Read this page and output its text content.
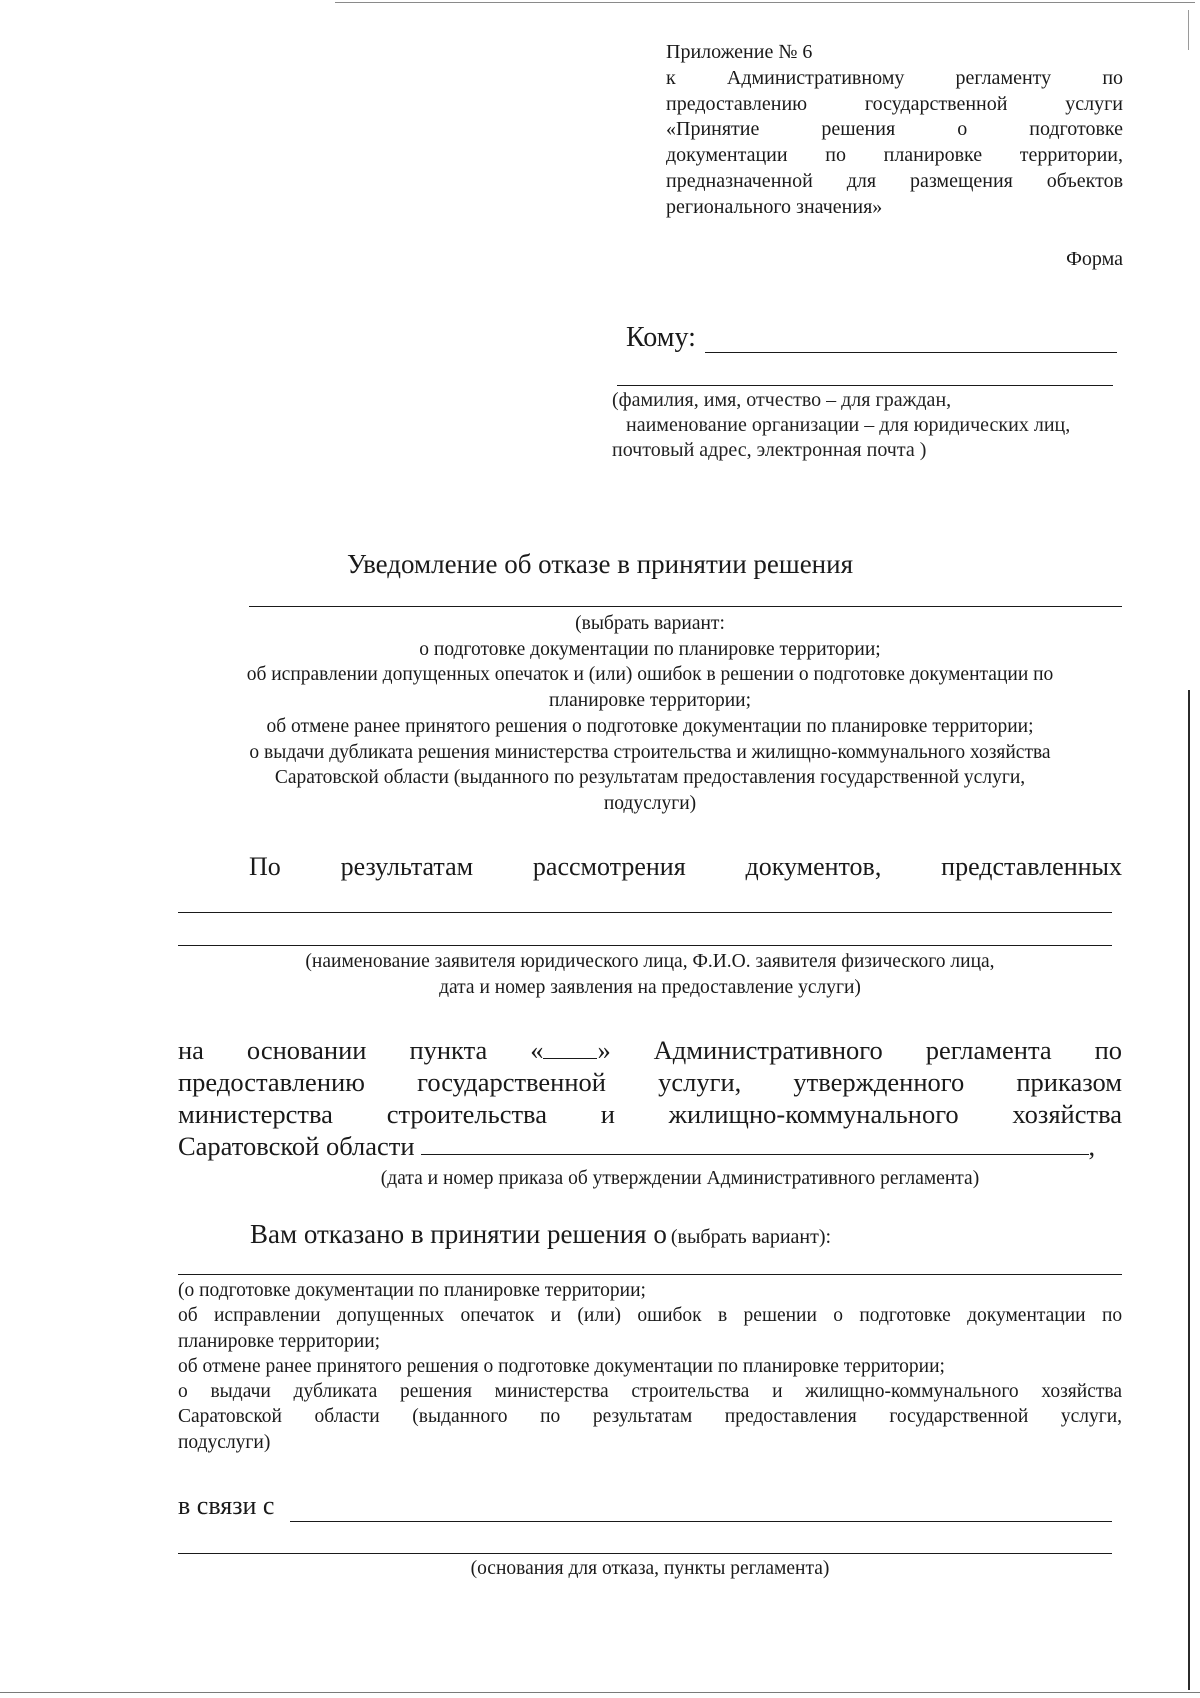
Приложение № 6
к	Административному	регламенту	по
предоставлению	государственной	услуги
«Принятие	решения	о	подготовке
документации по планировке территории,
предназначенной для размещения объектов
регионального значения»
Форма
Кому:
(фамилия, имя, отчество – для граждан,
наименование организации – для юридических лиц,
почтовый адрес, электронная почта )
Уведомление об отказе в принятии решения
(выбрать вариант:
о подготовке документации по планировке территории;
об исправлении допущенных опечаток и (или) ошибок в решении о подготовке документации по
планировке территории;
об отмене ранее принятого решения о подготовке документации по планировке территории;
о выдачи дубликата решения министерства строительства и жилищно-коммунального хозяйства
Саратовской области (выданного по результатам предоставления государственной услуги,
подуслуги)
По результатам рассмотрения документов, представленных
(наименование заявителя юридического лица, Ф.И.О. заявителя физического лица,
дата и номер заявления на предоставление услуги)
на основании пункта « » Административного регламента по
предоставлению государственной услуги, утвержденного приказом
министерства строительства и жилищно-коммунального хозяйства
Саратовской области	,
(дата и номер приказа об утверждении Административного регламента)
Вам отказано в принятии решения о (выбрать вариант):
(о подготовке документации по планировке территории;
об исправлении допущенных опечаток и (или) ошибок в решении о подготовке документации по
планировке территории;
об отмене ранее принятого решения о подготовке документации по планировке территории;
о выдачи дубликата решения министерства строительства и жилищно-коммунального хозяйства
Саратовской области (выданного по результатам предоставления государственной услуги,
подуслуги)
в связи с
(основания для отказа, пункты регламента)
